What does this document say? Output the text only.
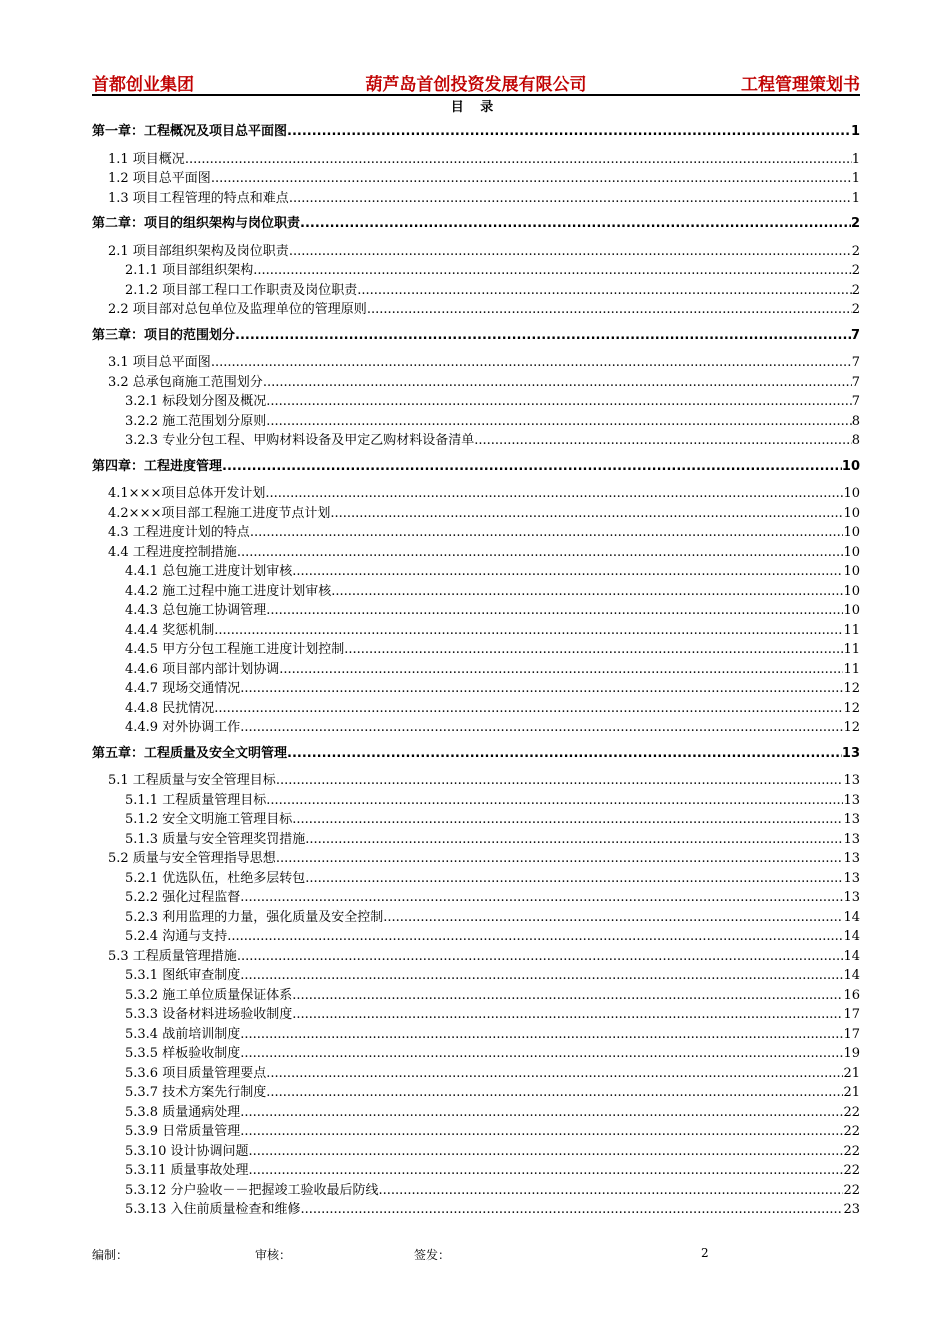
首都创业集团	葫芦岛首创投资发展有限公司	工程管理策划书
目 录
第一章：工程概况及项目总平面图 .....	1
1.1 项目概况 .....	1
1.2 项目总平面图 .....	1
1.3 项目工程管理的特点和难点 .....	1
第二章：项目的组织架构与岗位职责 .....	2
2.1 项目部组织架构及岗位职责 .....	2
2.1.1 项目部组织架构 .....	2
2.1.2 项目部工程口工作职责及岗位职责 .....	2
2.2 项目部对总包单位及监理单位的管理原则 .....	2
第三章：项目的范围划分 .....	7
3.1 项目总平面图 .....	7
3.2 总承包商施工范围划分 .....	7
3.2.1 标段划分图及概况 .....	7
3.2.2 施工范围划分原则 .....	8
3.2.3 专业分包工程、甲购材料设备及甲定乙购材料设备清单 .....	8
第四章：工程进度管理 .....	10
4.1×××项目总体开发计划 .....	10
4.2×××项目部工程施工进度节点计划 .....	10
4.3 工程进度计划的特点 .....	10
4.4 工程进度控制措施 .....	10
4.4.1 总包施工进度计划审核 .....	10
4.4.2 施工过程中施工进度计划审核 .....	10
4.4.3 总包施工协调管理 .....	10
4.4.4 奖惩机制 .....	11
4.4.5 甲方分包工程施工进度计划控制 .....	11
4.4.6 项目部内部计划协调 .....	11
4.4.7 现场交通情况 .....	12
4.4.8 民扰情况 .....	12
4.4.9 对外协调工作 .....	12
第五章：工程质量及安全文明管理 .....	13
5.1 工程质量与安全管理目标 .....	13
5.1.1 工程质量管理目标 .....	13
5.1.2 安全文明施工管理目标 .....	13
5.1.3 质量与安全管理奖罚措施 .....	13
5.2 质量与安全管理指导思想 .....	13
5.2.1 优选队伍，杜绝多层转包 .....	13
5.2.2 强化过程监督 .....	13
5.2.3 利用监理的力量，强化质量及安全控制 .....	14
5.2.4 沟通与支持 .....	14
5.3 工程质量管理措施 .....	14
5.3.1 图纸审查制度 .....	14
5.3.2 施工单位质量保证体系 .....	16
5.3.3 设备材料进场验收制度 .....	17
5.3.4 战前培训制度 .....	17
5.3.5 样板验收制度 .....	19
5.3.6 项目质量管理要点 .....	21
5.3.7 技术方案先行制度 .....	21
5.3.8 质量通病处理 .....	22
5.3.9 日常质量管理 .....	22
5.3.10 设计协调问题 .....	22
5.3.11 质量事故处理 .....	22
5.3.12 分户验收－－把握竣工验收最后防线 .....	22
5.3.13 入住前质量检查和维修 .....	23
编制：	审核：	签发：	2
